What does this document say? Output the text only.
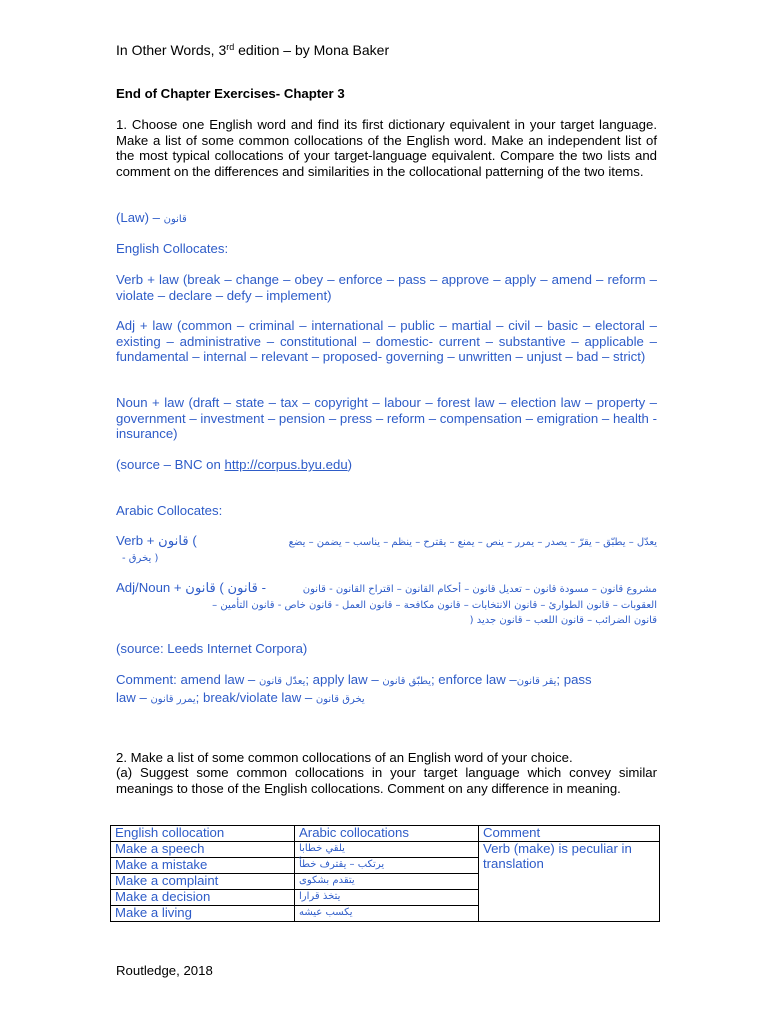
In Other Words, 3rd edition – by Mona Baker
End of Chapter Exercises- Chapter 3
1. Choose one English word and find its first dictionary equivalent in your target language. Make a list of some common collocations of the English word. Make an independent list of the most typical collocations of your target-language equivalent. Compare the two lists and comment on the differences and similarities in the collocational patterning of the two items.
(Law) – قانون
English Collocates:
Verb + law (break – change – obey – enforce – pass – approve – apply – amend – reform – violate – declare – defy – implement)
Adj + law (common – criminal – international – public – martial – civil – basic – electoral – existing – administrative – constitutional – domestic- current – substantive – applicable – fundamental – internal – relevant – proposed- governing – unwritten – unjust – bad – strict)
Noun + law (draft – state – tax – copyright – labour – forest law – election law – property – government – investment – pension – press – reform – compensation – emigration – health - insurance)
(source – BNC on http://corpus.byu.edu)
Arabic Collocates:
Verb + قانون (	يعدّل – يطبّق – يقرّ – يصدر – يمرر – ينص – يمنع – يقترح – ينظم – يناسب – يضمن – يضع
- يخرق )
Adj/Noun + قانون ) قانون -	مشروع قانون – مسودة قانون – تعديل قانون – أحكام القانون – اقتراح القانون - قانون
العقوبات – قانون الطوارئ – قانون الانتخابات – قانون مكافحة – قانون العمل - قانون خاص - قانون التأمين –
قانون الضرائب – قانون اللعب – قانون جديد (
(source: Leeds Internet Corpora)
Comment: amend law – يعدّل قانون; apply law – يطبّق قانون; enforce law –يقر قانون; pass
law – يمرر قانون; break/violate law – يخرق قانون
2. Make a list of some common collocations of an English word of your choice.
(a) Suggest some common collocations in your target language which convey similar meanings to those of the English collocations. Comment on any difference in meaning.
English collocation	Arabic collocations	Comment
Make a speech	يلقي خطابا	Verb (make) is peculiar in translation
Make a mistake	يرتكب – يقترف خطأ	
Make a complaint	يتقدم بشكوى	
Make a decision	يتخذ قرارا	
Make a living	يكسب عيشه	
Routledge, 2018
